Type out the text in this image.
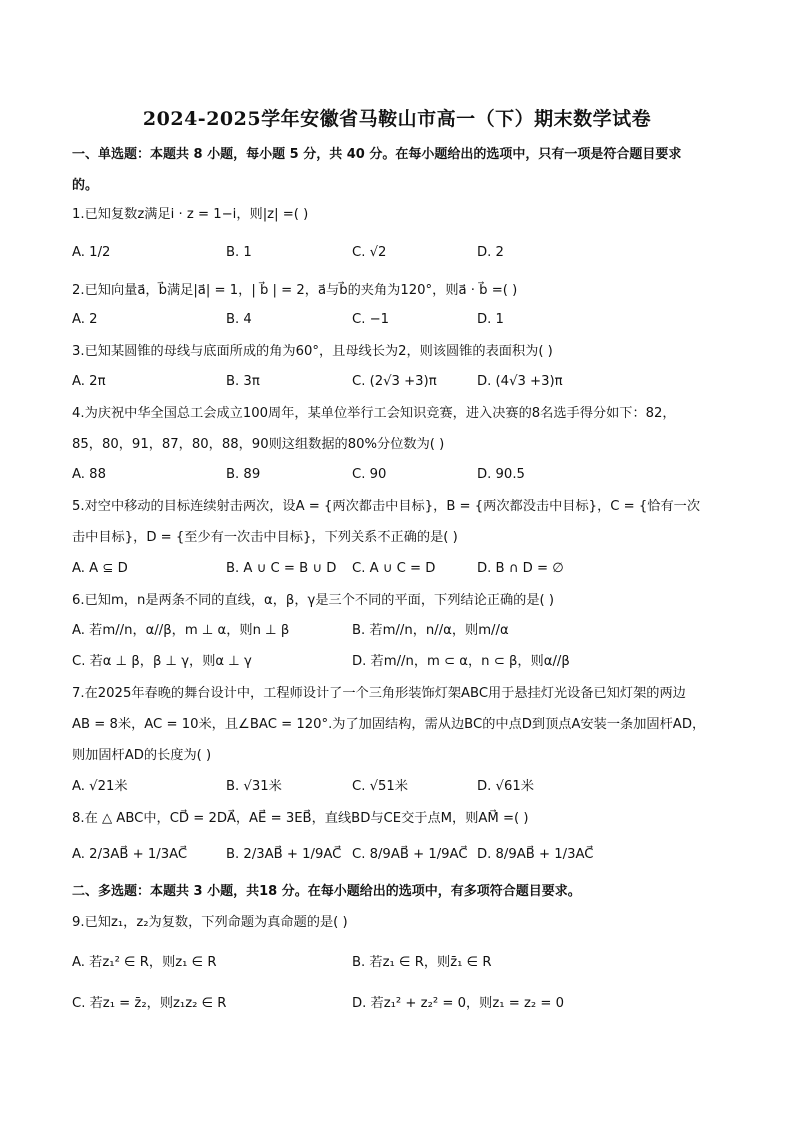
2024-2025学年安徽省马鞍山市高一（下）期末数学试卷
一、单选题：本题共 8 小题，每小题 5 分，共 40 分。在每小题给出的选项中，只有一项是符合题目要求
的。
1.已知复数z满足i · z = 1−i，则|z| =( )
A. 1/2	B. 1	C. √2	D. 2
2.已知向量a⃗，b⃗满足|a⃗| = 1，| b⃗ | = 2，a⃗与b⃗的夹角为120°，则a⃗ · b⃗ =( )
A. 2	B. 4	C. −1	D. 1
3.已知某圆锥的母线与底面所成的角为60°，且母线长为2，则该圆锥的表面积为( )
A. 2π	B. 3π	C. (2√3 +3)π	D. (4√3 +3)π
4.为庆祝中华全国总工会成立100周年，某单位举行工会知识竞赛，进入决赛的8名选手得分如下：82，
85，80，91，87，80，88，90则这组数据的80%分位数为( )
A. 88	B. 89	C. 90	D. 90.5
5.对空中移动的目标连续射击两次，设A = {两次都击中目标}，B = {两次都没击中目标}，C = {恰有一次
击中目标}，D = {至少有一次击中目标}，下列关系不正确的是( )
A. A ⊆ D	B. A ∪ C = B ∪ D C. A ∪ C = D	D. B ∩ D = ∅
6.已知m，n是两条不同的直线，α，β，γ是三个不同的平面，下列结论正确的是( )
A. 若m//n，α//β，m ⊥ α，则n ⊥ β	B. 若m//n，n//α，则m//α
C. 若α ⊥ β，β ⊥ γ，则α ⊥ γ	D. 若m//n，m ⊂ α，n ⊂ β，则α//β
7.在2025年春晚的舞台设计中，工程师设计了一个三角形装饰灯架ABC用于悬挂灯光设备已知灯架的两边
AB = 8米，AC = 10米，且∠BAC = 120°.为了加固结构，需从边BC的中点D到顶点A安装一条加固杆AD，
则加固杆AD的长度为( )
A. √21米	B. √31米	C. √51米	D. √61米
8.在 △ ABC中，CD⃗ = 2DA⃗，AE⃗ = 3EB⃗，直线BD与CE交于点M，则AM⃗ =( )
A. 2/3AB⃗ + 1/3AC⃗	B. 2/3AB⃗ + 1/9AC⃗ C. 8/9AB⃗ + 1/9AC⃗ D. 8/9AB⃗ + 1/3AC⃗
二、多选题：本题共 3 小题，共18 分。在每小题给出的选项中，有多项符合题目要求。
9.已知z₁，z₂为复数，下列命题为真命题的是( )
A. 若z₁² ∈ R，则z₁ ∈ R	B. 若z₁ ∈ R，则z̄₁ ∈ R
C. 若z₁ = z̄₂，则z₁z₂ ∈ R	D. 若z₁² + z₂² = 0，则z₁ = z₂ = 0
